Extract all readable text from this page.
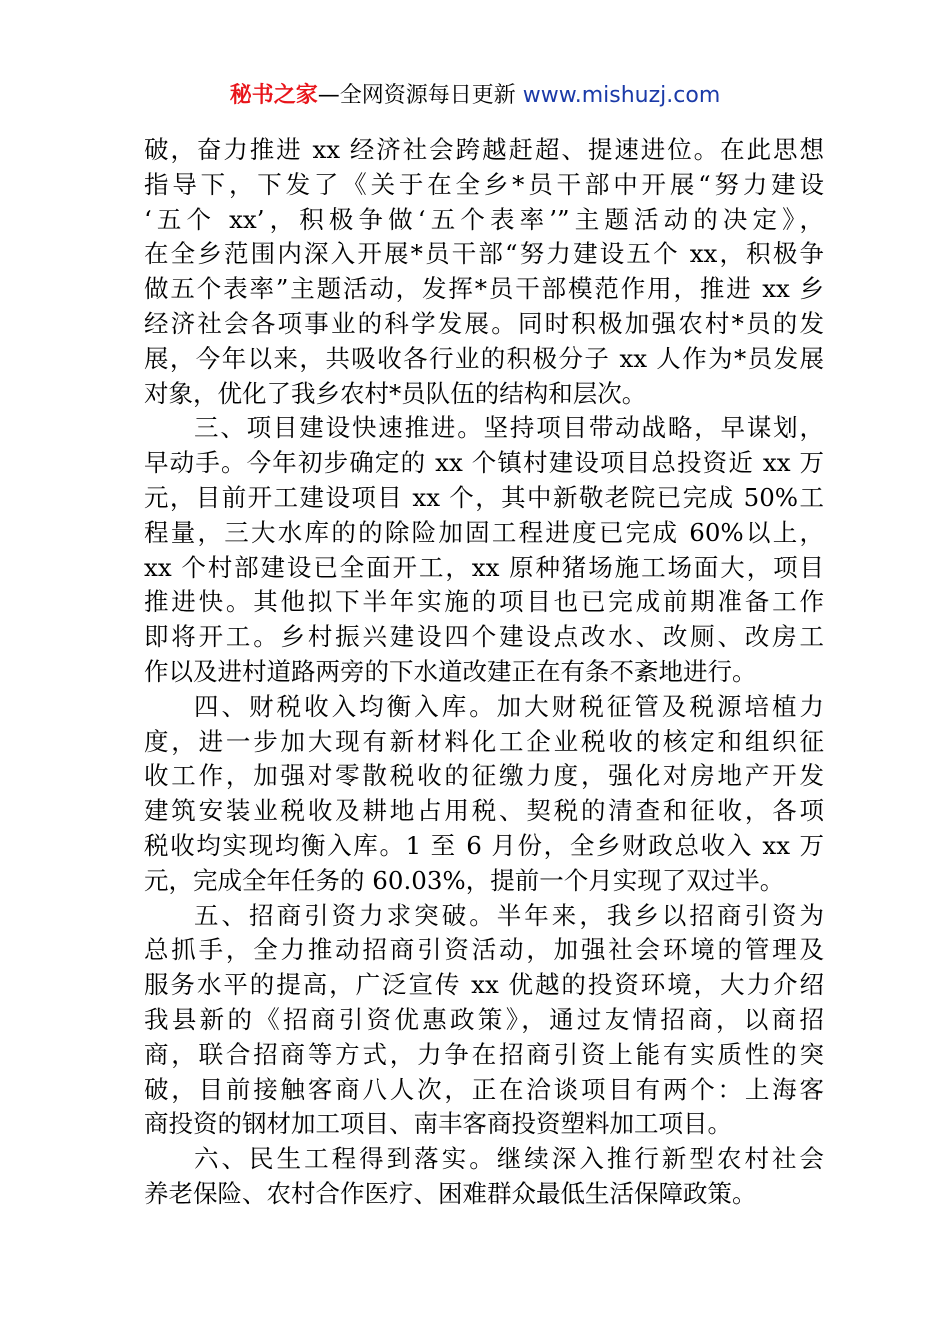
秘书之家—全网资源每日更新 www.mishuzj.com
破，奋力推进 xx 经济社会跨越赶超、提速进位。在此思想
指导下，下发了《关于在全乡*员干部中开展“努力建设
‘五个 xx’，积极争做‘五个表率’”主题活动的决定》，
在全乡范围内深入开展*员干部“努力建设五个 xx，积极争
做五个表率”主题活动，发挥*员干部模范作用，推进 xx 乡
经济社会各项事业的科学发展。同时积极加强农村*员的发
展，今年以来，共吸收各行业的积极分子 xx 人作为*员发展
对象，优化了我乡农村*员队伍的结构和层次。
三、项目建设快速推进。坚持项目带动战略，早谋划，
早动手。今年初步确定的 xx 个镇村建设项目总投资近 xx 万
元，目前开工建设项目 xx 个，其中新敬老院已完成 50%工
程量，三大水库的的除险加固工程进度已完成 60%以上，
xx 个村部建设已全面开工，xx 原种猪场施工场面大，项目
推进快。其他拟下半年实施的项目也已完成前期准备工作
即将开工。乡村振兴建设四个建设点改水、改厕、改房工
作以及进村道路两旁的下水道改建正在有条不紊地进行。
四、财税收入均衡入库。加大财税征管及税源培植力
度，进一步加大现有新材料化工企业税收的核定和组织征
收工作，加强对零散税收的征缴力度，强化对房地产开发
建筑安装业税收及耕地占用税、契税的清查和征收，各项
税收均实现均衡入库。1 至 6 月份，全乡财政总收入 xx 万
元，完成全年任务的 60.03%，提前一个月实现了双过半。
五、招商引资力求突破。半年来，我乡以招商引资为
总抓手，全力推动招商引资活动，加强社会环境的管理及
服务水平的提高，广泛宣传 xx 优越的投资环境，大力介绍
我县新的《招商引资优惠政策》，通过友情招商，以商招
商，联合招商等方式，力争在招商引资上能有实质性的突
破，目前接触客商八人次，正在洽谈项目有两个：上海客
商投资的钢材加工项目、南丰客商投资塑料加工项目。
六、民生工程得到落实。继续深入推行新型农村社会
养老保险、农村合作医疗、困难群众最低生活保障政策。
